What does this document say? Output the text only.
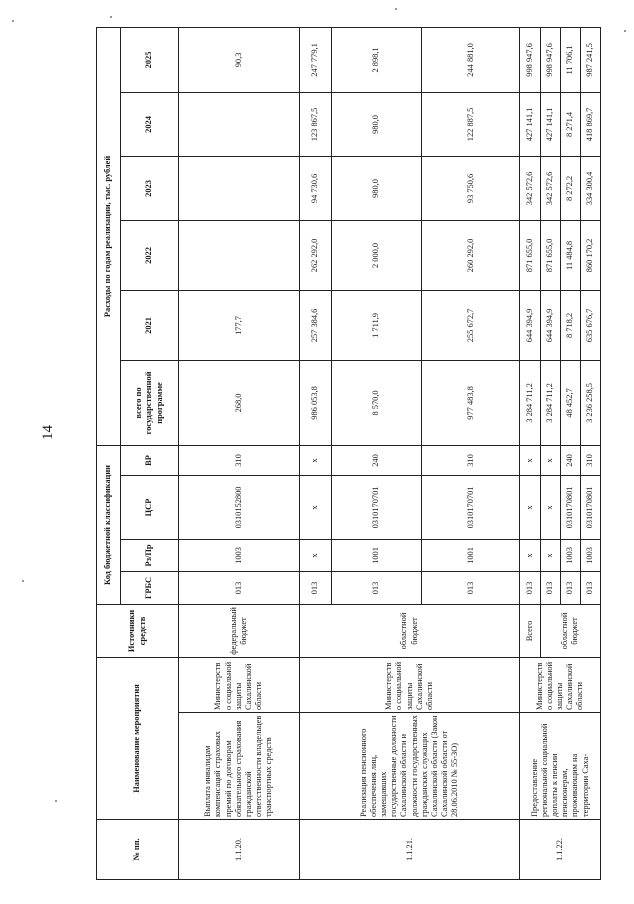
14
№ пп.	Наименование мероприятия		Источники средств	Код бюджетной классификации				Расходы по годам реализации, тыс. рублей					
				ГРБС	Рз/Пр	ЦСР	ВР	всего по государственной программе	2021	2022	2023	2024	2025
1.1.20.	Выплата инвалидам компенсаций страховых премий по договорам обязательного страхования гражданской ответственности владельцев транспортных средств	Министерство социальной защиты Сахалинской области	федеральный бюджет	013	1003	0310152800	310	268,0	177,7				90,3
1.1.21.	Реализация пенсионного обеспечения лиц, замещавших государственные должности Сахалинской области и должности государственных гражданских служащих Сахалинской области (Закон Сахалинской области от 28.06.2010 № 55-ЗО)	Министерство социальной защиты Сахалинской области	областной бюджет	013	х	х	х	986 053,8	257 384,6	262 292,0	94 730,6	123 867,5	247 779,1
				013	1001	0310170701	240	8 570,0	1 711,9	2 000,0	980,0	980,0	2 898,1
				013	1001	0310170701	310	977 483,8	255 672,7	260 292,0	93 750,6	122 887,5	244 881,0
1.1.22.	Предоставление региональной социальной доплаты к пенсии пенсионерам, проживающим на территории Саха-	Министерство социальной защиты Сахалинской области	Всего	013	х	х	х	3 284 711,2	644 394,9	871 655,0	342 572,6	427 141,1	998 947,6
			областной бюджет	013	х	х	х	3 284 711,2	644 394,9	871 655,0	342 572,6	427 141,1	998 947,6
				013	1003	0310170801	240	48 452,7	8 718,2	11 484,8	8 272,2	8 271,4	11 706,1
				013	1003	0310170801	310	3 236 258,5	635 676,7	860 170,2	334 300,4	418 869,7	987 241,5
